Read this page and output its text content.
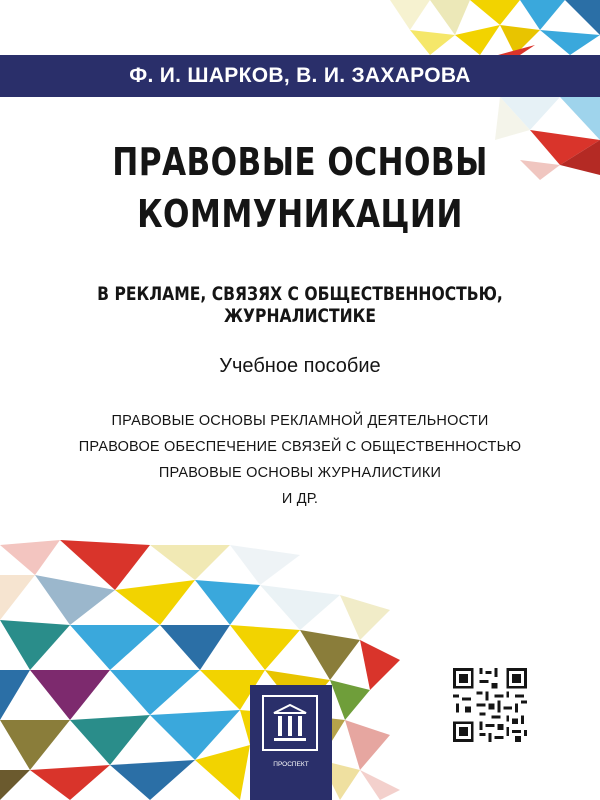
Ф. И. ШАРКОВ, В. И. ЗАХАРОВА
ПРАВОВЫЕ ОСНОВЫ
КОММУНИКАЦИИ
В РЕКЛАМЕ, СВЯЗЯХ С ОБЩЕСТВЕННОСТЬЮ,
ЖУРНАЛИСТИКЕ
Учебное пособие
ПРАВОВЫЕ ОСНОВЫ РЕКЛАМНОЙ ДЕЯТЕЛЬНОСТИ
ПРАВОВОЕ ОБЕСПЕЧЕНИЕ СВЯЗЕЙ С ОБЩЕСТВЕННОСТЬЮ
ПРАВОВЫЕ ОСНОВЫ ЖУРНАЛИСТИКИ
И ДР.
ПРОСПЕКТ
